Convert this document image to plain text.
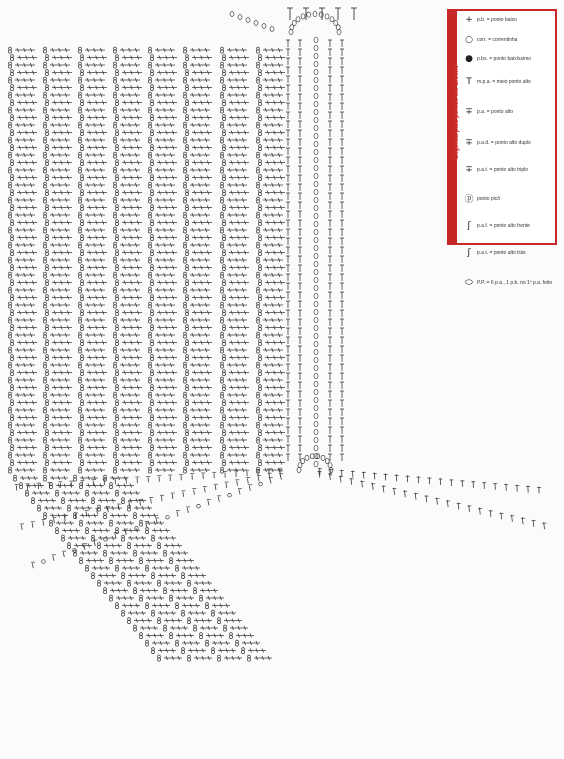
Legenda para pontos em Crochê
+ p.b. = ponto baixo
○ corr. = correntinha
● p.bx. = ponto baixíssimo
T	m.p.a. = meio ponto alto
∓ p.a. = ponto alto
∓ p.a.d. = ponto alto duplo
∓ p.a.t. = ponto alto triplo
ⓟ ponto picô
ʃ	p.a.f. = ponto alto frente
ʃ	p.a.t. = ponto alto trás
⬭ P.P. = 6 p.a., 1 p.b. no 1º p.a. feito
